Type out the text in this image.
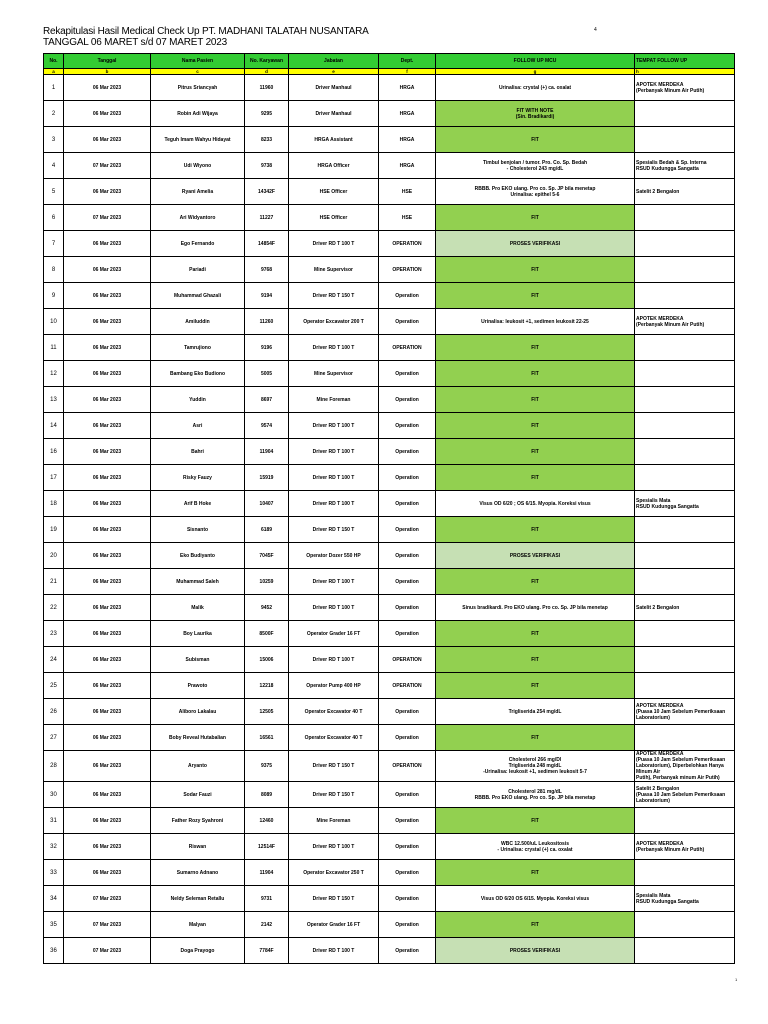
Rekapitulasi Hasil Medical Check Up PT. MADHANI TALATAH NUSANTARA
TANGGAL 06 MARET s/d 07 MARET 2023
4
No.	Tanggal	Nama Pasien	No. Karyawan	Jabatan	Dept.	FOLLOW UP MCU	TEMPAT FOLLOW UP
a	b	c	d	e	f	g	h
1	06 Mar 2023	Pitrus Sriancyah	11960	Driver Manhaul	HRGA	Urinalisa: crystal (+) ca. oxalat	APOTEK MERDEKA
(Perbanyak Minum Air Putih)
2	06 Mar 2023	Robin Adi Wijaya	9295	Driver Manhaul	HRGA	FIT WITH NOTE
(Sin. Bradikardi)	
3	06 Mar 2023	Teguh Imam Wahyu Hidayat	8233	HRGA Assistant	HRGA	FIT	
4	07 Mar 2023	Udi Wiyono	9738	HRGA Officer	HRGA	Timbul benjolan / tumor. Pro. Co. Sp. Bedah
- Cholesterol 243 mg/dL	Spesialis Bedah & Sp. Interna
RSUD Kudungga Sangatta
5	06 Mar 2023	Ryani Amelia	14342F	HSE Officer	HSE	RBBB. Pro EKO ulang. Pro co. Sp. JP bila menetap
Urinalisa: epithel 5-6	Satelit 2 Bengalon
6	07 Mar 2023	Ari Widyantoro	11227	HSE Officer	HSE	FIT	
7	06 Mar 2023	Ego Fernando	14854F	Driver RD T 100 T	OPERATION	PROSES VERIFIKASI	
8	06 Mar 2023	Pariadi	9768	Mine Supervisor	OPERATION	FIT	
9	06 Mar 2023	Muhammad Ghazali	9194	Driver RD T 150 T	Operation	FIT	
10	06 Mar 2023	Amiluddin	11260	Operator Excavator 200 T	Operation	Urinalisa: leukosit +1, sedimen leukosit 22-25	APOTEK MERDEKA
(Perbanyak Minum Air Putih)
11	06 Mar 2023	Tamrujiono	9196	Driver RD T 100 T	OPERATION	FIT	
12	06 Mar 2023	Bambang Eko Budiono	5005	Mine Supervisor	Operation	FIT	
13	06 Mar 2023	Yuddin	8697	Mine Foreman	Operation	FIT	
14	06 Mar 2023	Asri	9574	Driver RD T 100 T	Operation	FIT	
16	06 Mar 2023	Bahri	11904	Driver RD T 100 T	Operation	FIT	
17	06 Mar 2023	Risky Fauzy	15919	Driver RD T 100 T	Operation	FIT	
18	06 Mar 2023	Arif B Hoke	10407	Driver RD T 100 T	Operation	Visus OD 6/20 ; OS 6/15. Myopia. Koreksi visus	Spesialis Mata
RSUD Kudungga Sangatta
19	06 Mar 2023	Sisnanto	6189	Driver RD T 150 T	Operation	FIT	
20	06 Mar 2023	Eko Budiyanto	7045F	Operator Dozer 550 HP	Operation	PROSES VERIFIKASI	
21	06 Mar 2023	Muhammad Saleh	10259	Driver RD T 100 T	Operation	FIT	
22	06 Mar 2023	Malik	9452	Driver RD T 100 T	Operation	Sinus bradikardi. Pro EKO ulang. Pro co. Sp. JP bila menetap	Satelit 2 Bengalon
23	06 Mar 2023	Boy Laurika	8500F	Operator Grader 16 FT	Operation	FIT	
24	06 Mar 2023	Subisman	15006	Driver RD T 100 T	OPERATION	FIT	
25	06 Mar 2023	Prawoto	12218	Operator Pump 400 HP	OPERATION	FIT	
26	06 Mar 2023	Aliboro Lakalau	12505	Operator Excavator 40 T	Operation	Trigliserida 254 mg/dL	APOTEK MERDEKA
(Puasa 10 Jam Sebelum Pemeriksaan
Laboratorium)
27	06 Mar 2023	Boby Reveal Hutabalian	16561	Operator Excavator 40 T	Operation	FIT	
28	06 Mar 2023	Aryanto	9375	Driver RD T 150 T	OPERATION	Cholesterol 266 mg/Dl
Trigliserida 248 mg/dL
-Urinalisa: leukosit +1, sedimen leukosit 5-7	APOTEK MERDEKA
(Puasa 10 Jam Sebelum Pemeriksaan
Laboratorium), Diperbelohkan Hanya Minum Air
Putih), Perbanyak minum Air Putih)
30	06 Mar 2023	Sodar Fauzi	8089	Driver RD T 150 T	Operation	Cholesterol 281 mg/dL
RBBB. Pro EKO ulang. Pro co. Sp. JP bila menetap	Satelit 2 Bengalon
(Puasa 10 Jam Sebelum Pemeriksaan
Laboratorium)
31	06 Mar 2023	Father Rozy Syahroni	12460	Mine Foreman	Operation	FIT	
32	06 Mar 2023	Riswan	12514F	Driver RD T 100 T	Operation	WBC 12.500/uL Leukositosis
- Urinalisa: crystal (+) ca. oxalat	APOTEK MERDEKA
(Perbanyak Minum Air Putih)
33	06 Mar 2023	Sumarno Adnano	11904	Operator Excavator 250 T	Operation	FIT	
34	07 Mar 2023	Neldy Seleman Retallu	9731	Driver RD T 150 T	Operation	Visus OD 6/20 OS 6/15. Myopia. Koreksi visus	Spesialis Mata
RSUD Kudungga Sangatta
35	07 Mar 2023	Malyan	2142	Operator Grader 16 FT	Operation	FIT	
36	07 Mar 2023	Doga Prayogo	7784F	Driver RD T 100 T	Operation	PROSES VERIFIKASI	
1
